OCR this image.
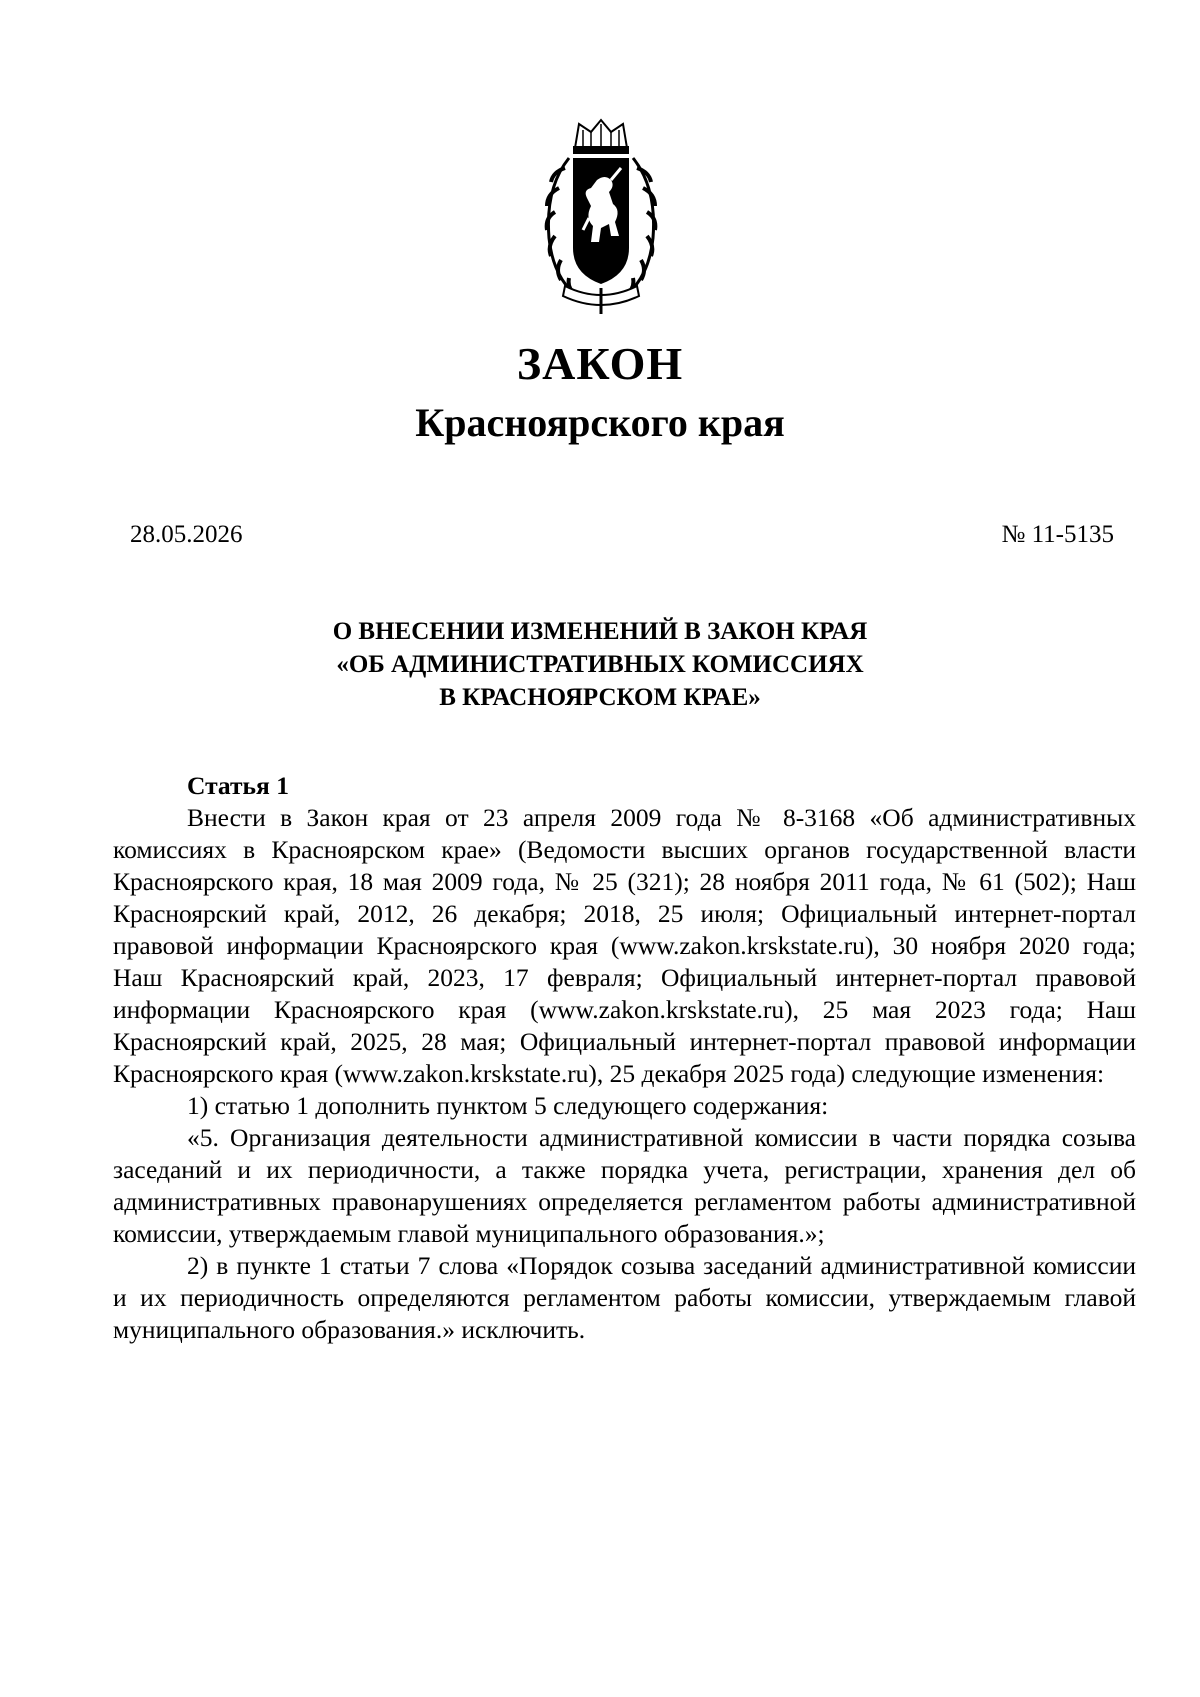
ЗАКОН
Красноярского края
28.05.2026	№ 11-5135
О ВНЕСЕНИИ ИЗМЕНЕНИЙ В ЗАКОН КРАЯ
«ОБ АДМИНИСТРАТИВНЫХ КОМИССИЯХ
В КРАСНОЯРСКОМ КРАЕ»

Статья 1

Внести в Закон края от 23 апреля 2009 года № 8-3168 «Об административных комиссиях в Красноярском крае» (Ведомости высших органов государственной власти Красноярского края, 18 мая 2009 года, № 25 (321); 28 ноября 2011 года, № 61 (502); Наш Красноярский край, 2012, 26 декабря; 2018, 25 июля; Официальный интернет-портал правовой информации Красноярского края (www.zakon.krskstate.ru), 30 ноября 2020 года; Наш Красноярский край, 2023, 17 февраля; Официальный интернет-портал правовой информации Красноярского края (www.zakon.krskstate.ru), 25 мая 2023 года; Наш Красноярский край, 2025, 28 мая; Официальный интернет-портал правовой информации Красноярского края (www.zakon.krskstate.ru), 25 декабря 2025 года) следующие изменения:

1) статью 1 дополнить пунктом 5 следующего содержания:

«5. Организация деятельности административной комиссии в части порядка созыва заседаний и их периодичности, а также порядка учета, регистрации, хранения дел об административных правонарушениях определяется регламентом работы административной комиссии, утверждаемым главой муниципального образования.»;

2) в пункте 1 статьи 7 слова «Порядок созыва заседаний административной комиссии и их периодичность определяются регламентом работы комиссии, утверждаемым главой муниципального образования.» исключить.
